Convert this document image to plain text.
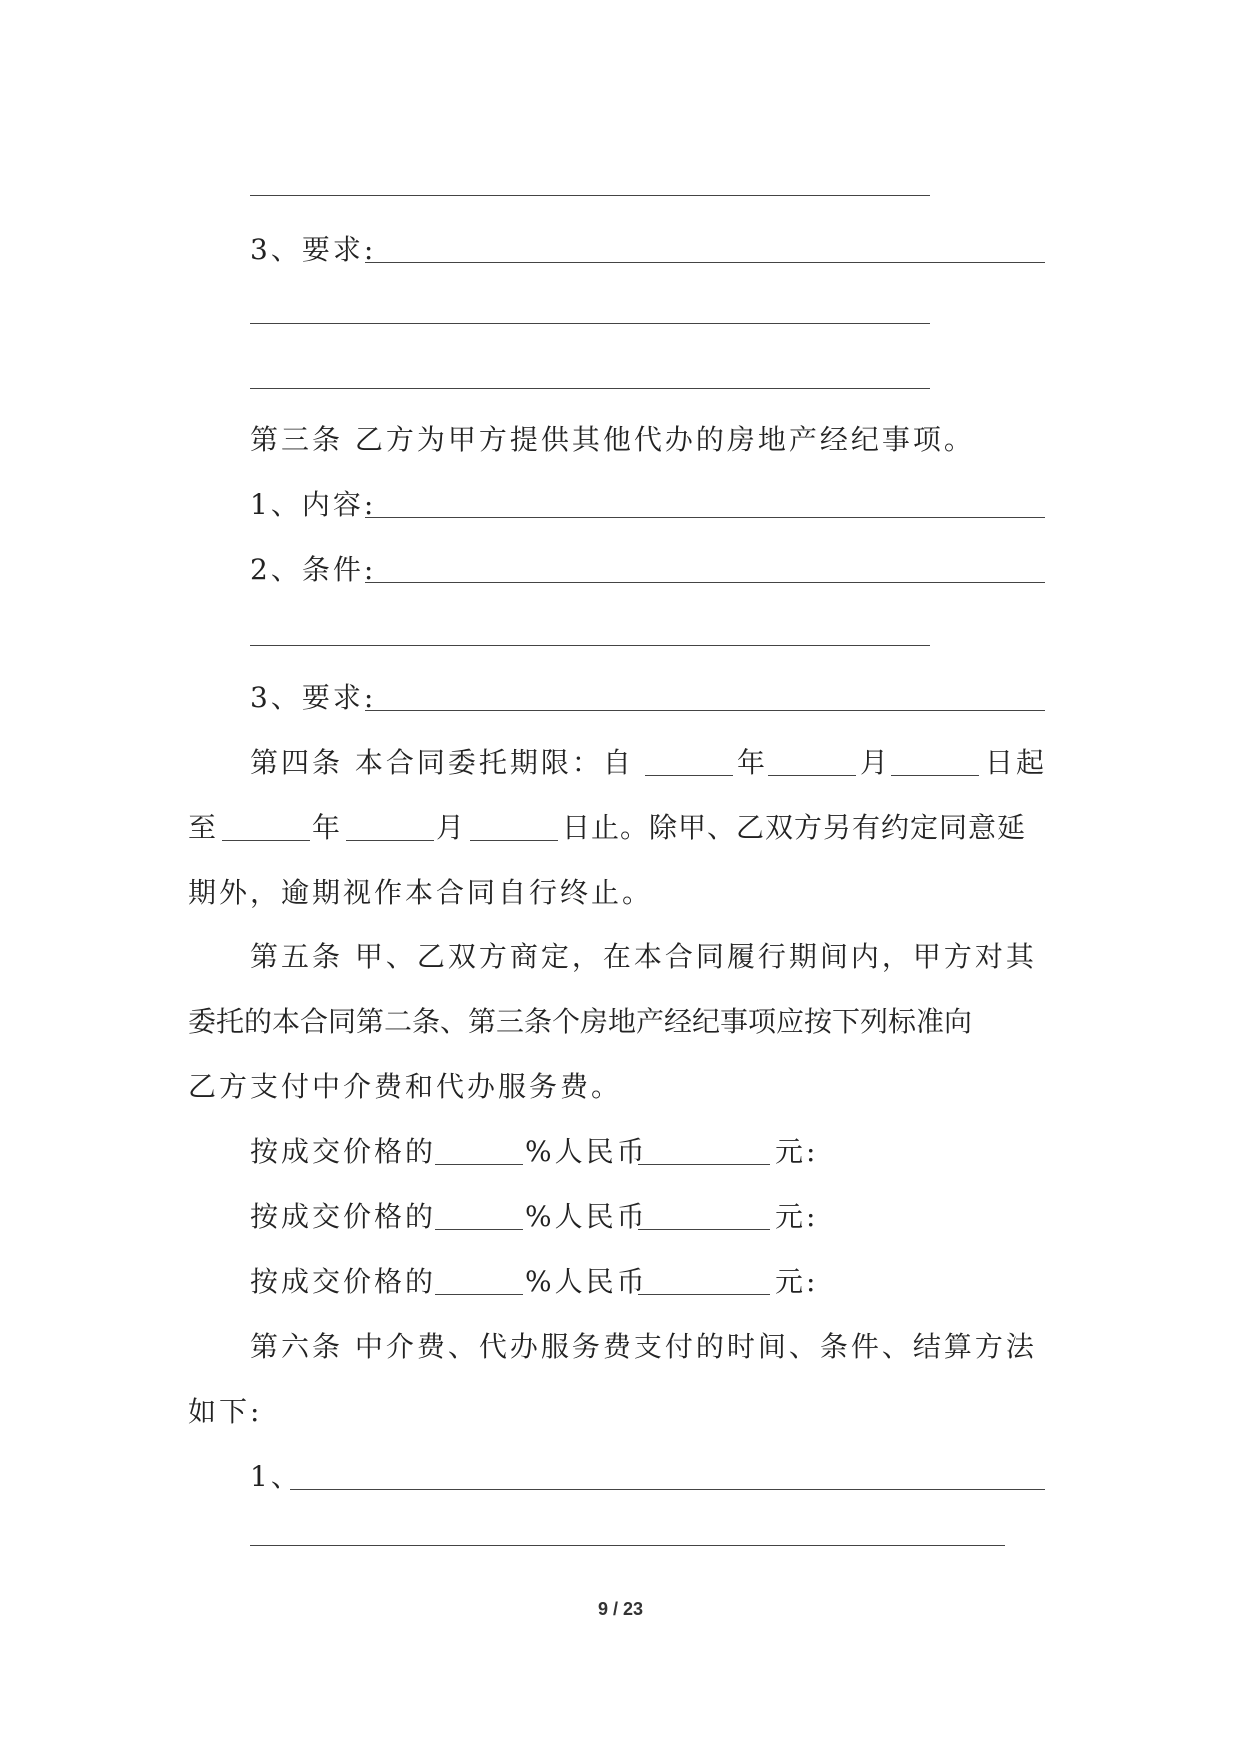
3、要求:
第三条 乙方为甲方提供其他代办的房地产经纪事项。
1、内容:
2、条件:
3、要求:
第四条 本合同委托期限：自	年	月	日起
至	年	月	日止。除甲、乙双方另有约定同意延
期外，逾期视作本合同自行终止。
第五条 甲、乙双方商定，在本合同履行期间内，甲方对其
委托的本合同第二条、第三条个房地产经纪事项应按下列标准向
乙方支付中介费和代办服务费。
按成交价格的	%人民币	元:
按成交价格的	%人民币	元:
按成交价格的	%人民币	元:
第六条 中介费、代办服务费支付的时间、条件、结算方法
如下:
1、
9 / 23
